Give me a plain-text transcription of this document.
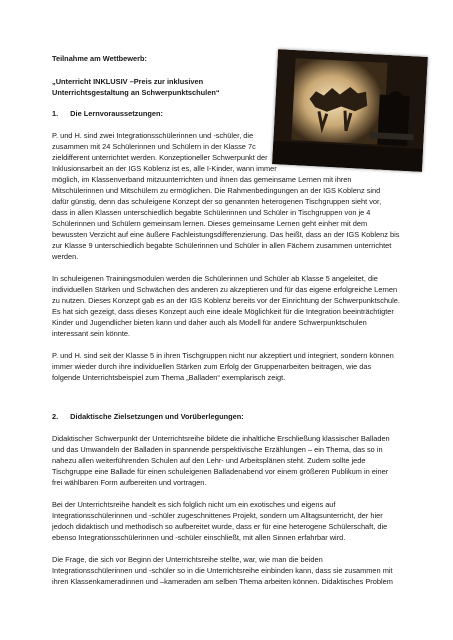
Teilnahme am Wettbewerb:
„Unterricht INKLUSIV –Preis zur inklusiven
Unterrichtsgestaltung an Schwerpunktschulen“
1. Die Lernvoraussetzungen:
P. und H. sind zwei Integrationsschülerinnen und -schüler, die
zusammen mit 24 Schülerinnen und Schülern in der Klasse 7c
zieldifferent unterrichtet werden. Konzeptioneller Schwerpunkt der
Inklusionsarbeit an der IGS Koblenz ist es, alle I-Kinder, wann immer
möglich, im Klassenverband mitzuunterrichten und ihnen das gemeinsame Lernen mit ihren
Mitschülerinnen und Mitschülern zu ermöglichen. Die Rahmenbedingungen an der IGS Koblenz sind
dafür günstig, denn das schuleigene Konzept der so genannten heterogenen Tischgruppen sieht vor,
dass in allen Klassen unterschiedlich begabte Schülerinnen und Schüler in Tischgruppen von je 4
Schülerinnen und Schülern gemeinsam lernen. Dieses gemeinsame Lernen geht einher mit dem
bewussten Verzicht auf eine äußere Fachleistungsdifferenzierung. Das heißt, dass an der IGS Koblenz bis
zur Klasse 9 unterschiedlich begabte Schülerinnen und Schüler in allen Fächern zusammen unterrichtet
werden.
In schuleigenen Trainingsmodulen werden die Schülerinnen und Schüler ab Klasse 5 angeleitet, die
individuellen Stärken und Schwächen des anderen zu akzeptieren und für das eigene erfolgreiche Lernen
zu nutzen. Dieses Konzept gab es an der IGS Koblenz bereits vor der Einrichtung der Schwerpunktschule.
Es hat sich gezeigt, dass dieses Konzept auch eine ideale Möglichkeit für die Integration beeinträchtigter
Kinder und Jugendlicher bieten kann und daher auch als Modell für andere Schwerpunktschulen
interessant sein könnte.
P. und H. sind seit der Klasse 5 in ihren Tischgruppen nicht nur akzeptiert und integriert, sondern können
immer wieder durch ihre individuellen Stärken zum Erfolg der Gruppenarbeiten beitragen, wie das
folgende Unterrichtsbeispiel zum Thema „Balladen“ exemplarisch zeigt.
2. Didaktische Zielsetzungen und Vorüberlegungen:
Didaktischer Schwerpunkt der Unterrichtsreihe bildete die inhaltliche Erschließung klassischer Balladen
und das Umwandeln der Balladen in spannende perspektivische Erzählungen – ein Thema, das so in
nahezu allen weiterführenden Schulen auf den Lehr- und Arbeitsplänen steht. Zudem sollte jede
Tischgruppe eine Ballade für einen schuleigenen Balladenabend vor einem größeren Publikum in einer
frei wählbaren Form aufbereiten und vortragen.
Bei der Unterrichtsreihe handelt es sich folglich nicht um ein exotisches und eigens auf
Integrationsschülerinnen und -schüler zugeschnittenes Projekt, sondern um Alltagsunterricht, der hier
jedoch didaktisch und methodisch so aufbereitet wurde, dass er für eine heterogene Schülerschaft, die
ebenso Integrationsschülerinnen und -schüler einschließt, mit allen Sinnen erfahrbar wird.
Die Frage, die sich vor Beginn der Unterrichtsreihe stellte, war, wie man die beiden
Integrationsschülerinnen und -schüler so in die Unterrichtsreihe einbinden kann, dass sie zusammen mit
ihren Klassenkameradinnen und –kameraden am selben Thema arbeiten können. Didaktisches Problem
